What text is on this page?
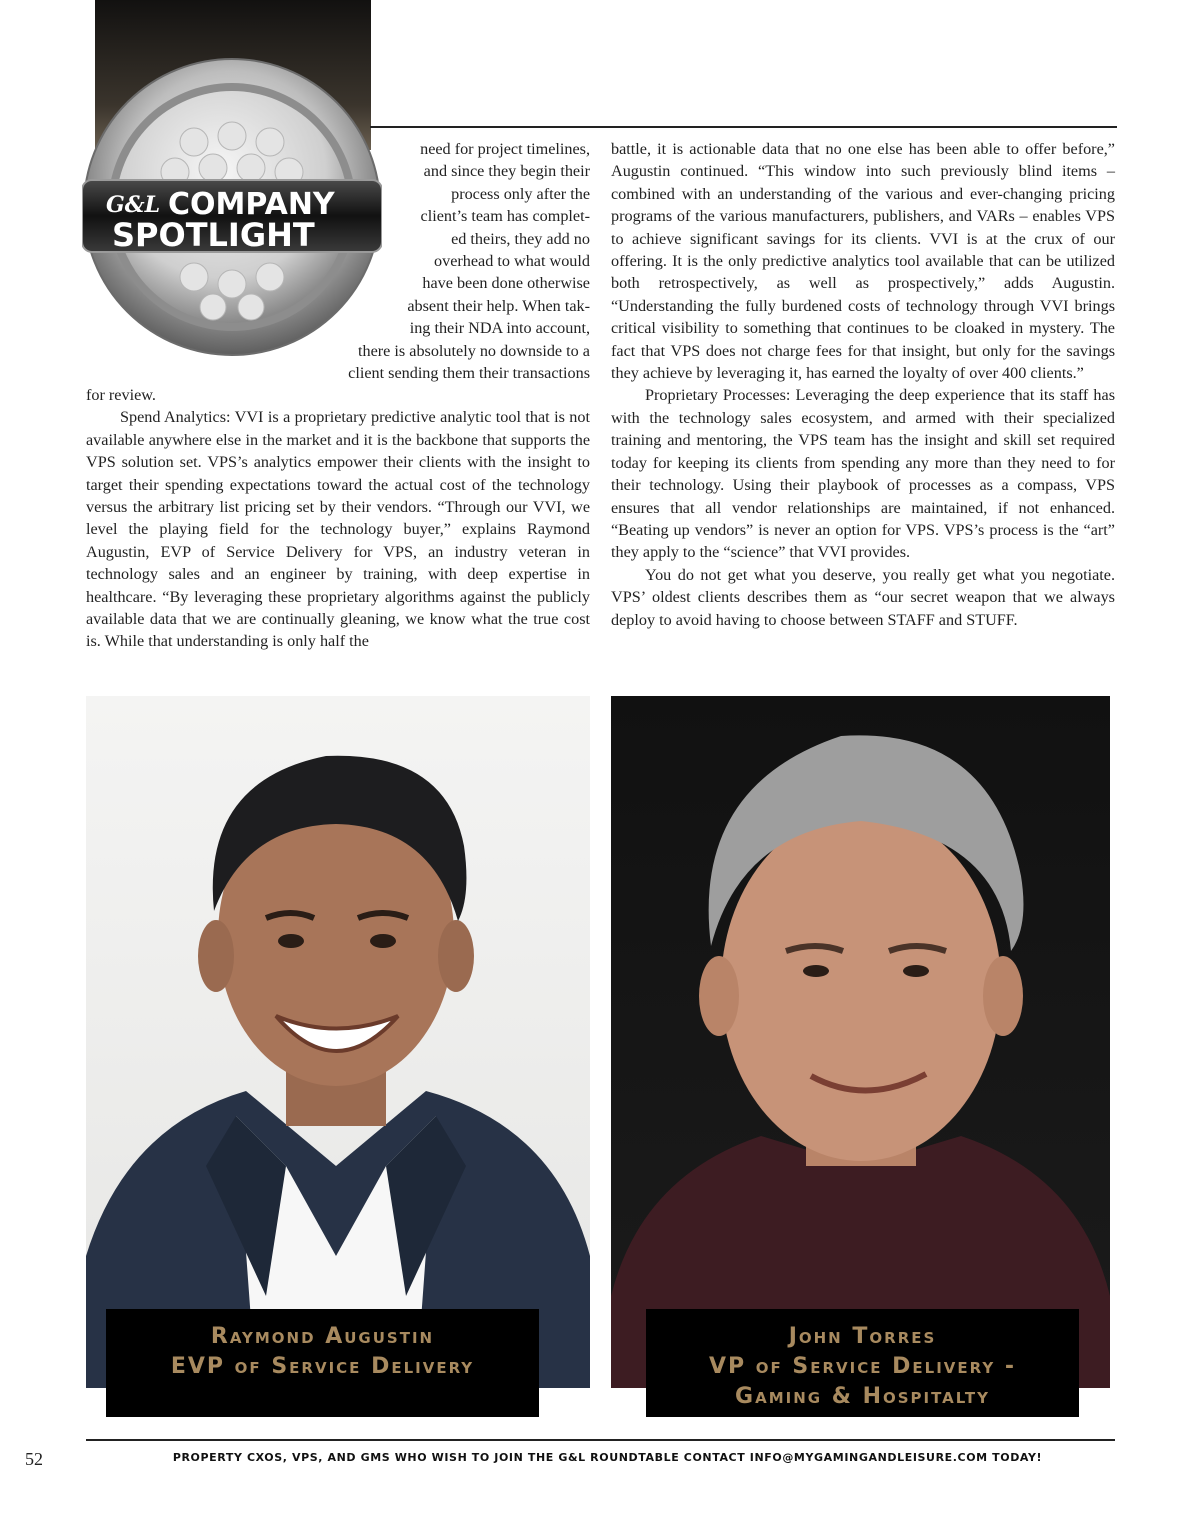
G&L COMPANY
SPOTLIGHT

need for project timelines,

and since they begin their

process only after the

client’s team has complet-

ed theirs, they add no

overhead to what would

have been done otherwise

absent their help. When tak-

ing their NDA into account,

there is absolutely no downside to a

client sending them their transactions

for review.

Spend Analytics: VVI is a proprietary predictive analytic tool that is not available anywhere else in the market and it is the backbone that supports the VPS solution set. VPS’s analytics empower their clients with the insight to target their spending expectations toward the actual cost of the technology versus the arbitrary list pricing set by their vendors. “Through our VVI, we level the playing field for the technology buyer,” explains Raymond Augustin, EVP of Service Delivery for VPS, an industry veteran in technology sales and an engineer by training, with deep expertise in healthcare. “By leveraging these proprietary algorithms against the publicly available data that we are continually gleaning, we know what the true cost is. While that understanding is only half the

battle, it is actionable data that no one else has been able to offer before,” Augustin continued. “This window into such previously blind items – combined with an understanding of the various and ever-changing pricing programs of the various manufacturers, publishers, and VARs – enables VPS to achieve significant savings for its clients. VVI is at the crux of our offering. It is the only predictive analytics tool available that can be utilized both retrospectively, as well as prospectively,” adds Augustin. “Understanding the fully burdened costs of technology through VVI brings critical visibility to something that continues to be cloaked in mystery. The fact that VPS does not charge fees for that insight, but only for the savings they achieve by leveraging it, has earned the loyalty of over 400 clients.”

Proprietary Processes: Leveraging the deep experience that its staff has with the technology sales ecosystem, and armed with their specialized training and mentoring, the VPS team has the insight and skill set required today for keeping its clients from spending any more than they need to for their technology. Using their playbook of processes as a compass, VPS ensures that all vendor relationships are maintained, if not enhanced. “Beating up vendors” is never an option for VPS. VPS’s process is the “art” they apply to the “science” that VVI provides.

You do not get what you deserve, you really get what you negotiate. VPS’ oldest clients describes them as “our secret weapon that we always deploy to avoid having to choose between STAFF and STUFF.

Raymond Augustin
EVP of Service Delivery
John Torres
VP of Service Delivery -
Gaming & Hospitalty
52	PROPERTY CXOS, VPS, AND GMS WHO WISH TO JOIN THE G&L ROUNDTABLE CONTACT INFO@MYGAMINGANDLEISURE.COM TODAY!
